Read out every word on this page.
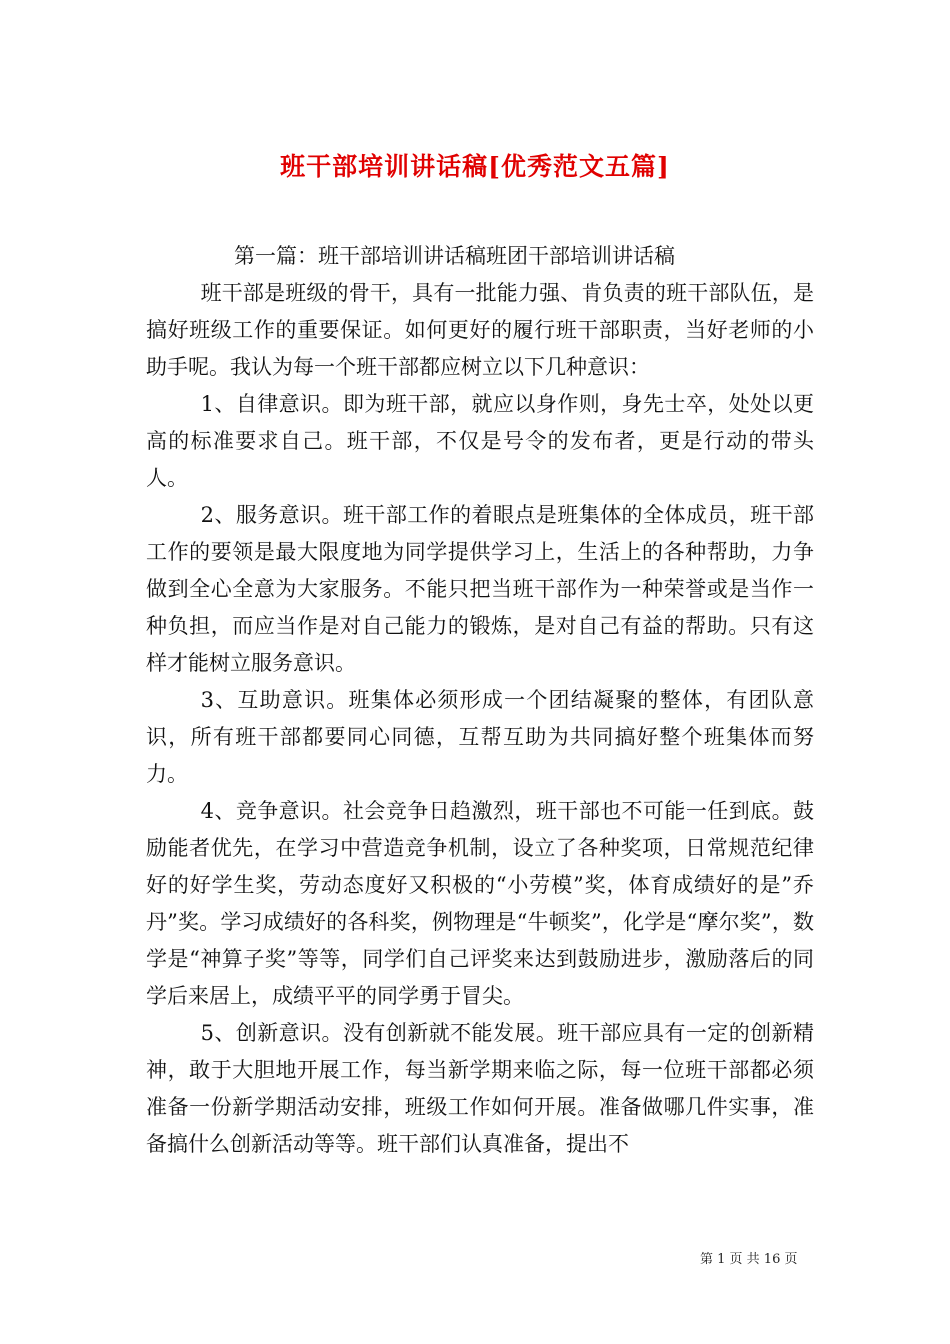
班干部培训讲话稿[优秀范文五篇]

第一篇：班干部培训讲话稿班团干部培训讲话稿

班干部是班级的骨干，具有一批能力强、肯负责的班干部队伍，是搞好班级工作的重要保证。如何更好的履行班干部职责，当好老师的小助手呢。我认为每一个班干部都应树立以下几种意识：

1、自律意识。即为班干部，就应以身作则，身先士卒，处处以更高的标准要求自己。班干部，不仅是号令的发布者，更是行动的带头人。

2、服务意识。班干部工作的着眼点是班集体的全体成员，班干部工作的要领是最大限度地为同学提供学习上，生活上的各种帮助，力争做到全心全意为大家服务。不能只把当班干部作为一种荣誉或是当作一种负担，而应当作是对自己能力的锻炼，是对自己有益的帮助。只有这样才能树立服务意识。

3、互助意识。班集体必须形成一个团结凝聚的整体，有团队意识，所有班干部都要同心同德，互帮互助为共同搞好整个班集体而努力。

4、竞争意识。社会竞争日趋激烈，班干部也不可能一任到底。鼓励能者优先，在学习中营造竞争机制，设立了各种奖项，日常规范纪律好的好学生奖，劳动态度好又积极的“小劳模”奖，体育成绩好的是”乔丹”奖。学习成绩好的各科奖，例物理是“牛顿奖”，化学是“摩尔奖”，数学是“神算子奖”等等，同学们自己评奖来达到鼓励进步，激励落后的同学后来居上，成绩平平的同学勇于冒尖。

5、创新意识。没有创新就不能发展。班干部应具有一定的创新精神，敢于大胆地开展工作，每当新学期来临之际，每一位班干部都必须准备一份新学期活动安排，班级工作如何开展。准备做哪几件实事，准备搞什么创新活动等等。班干部们认真准备，提出不

第 1 页 共 16 页
